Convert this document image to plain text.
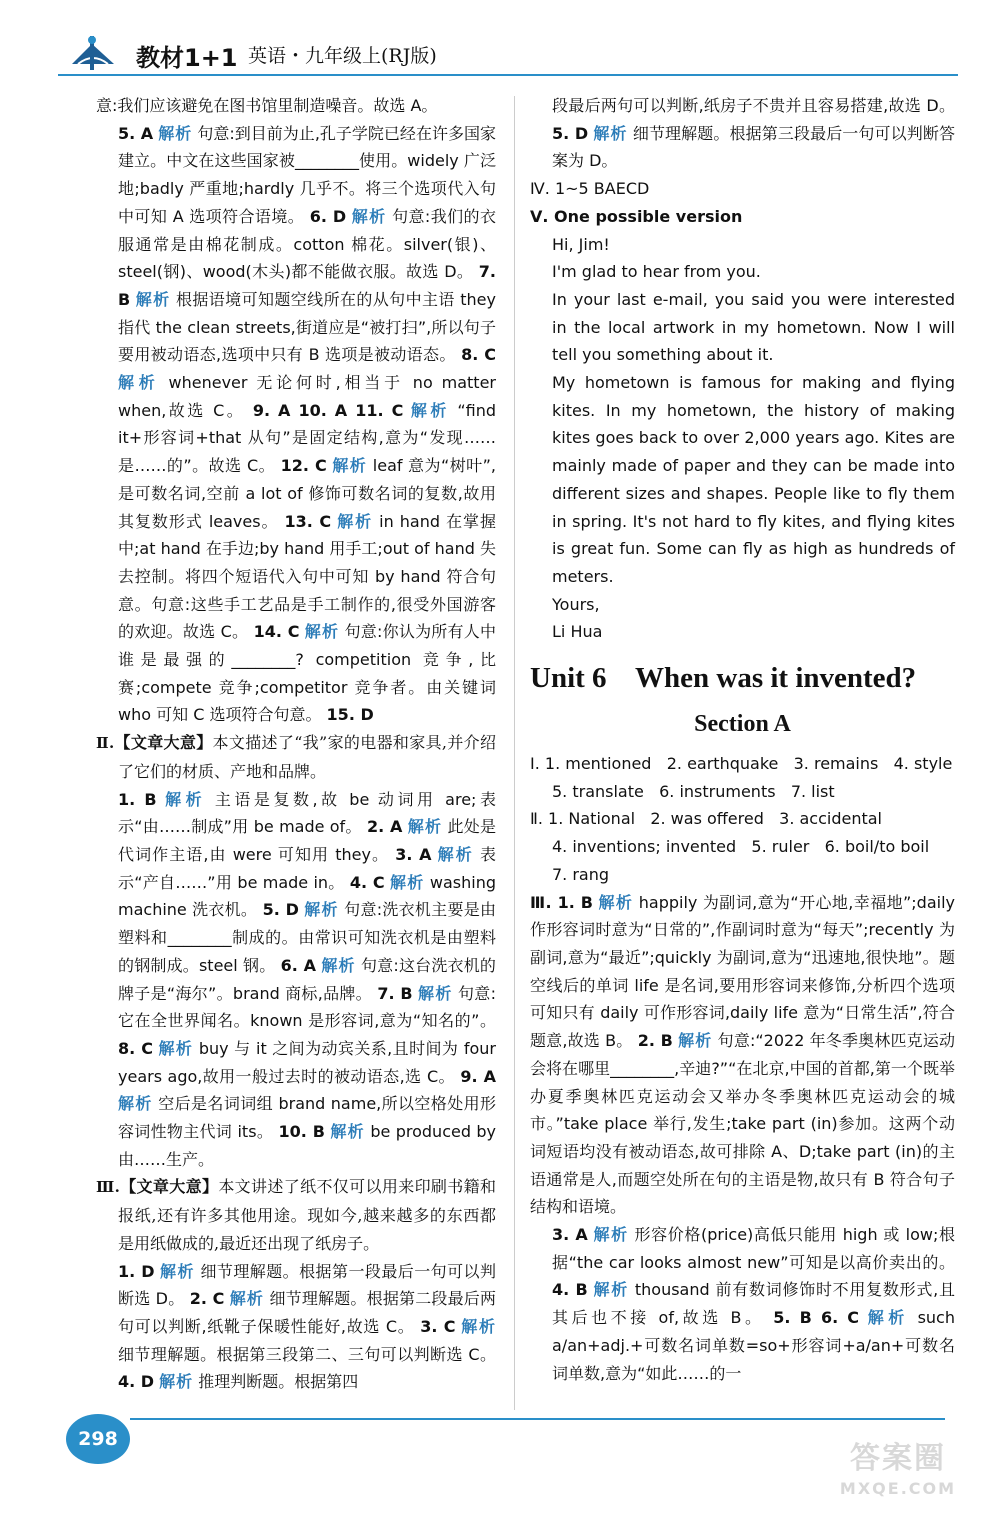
教材1+1 英语・九年级上(RJ版)

意:我们应该避免在图书馆里制造噪音。故选 A。

5. A 解析 句意:到目前为止,孔子学院已经在许多国家建立。中文在这些国家被________使用。widely 广泛地;badly 严重地;hardly 几乎不。将三个选项代入句中可知 A 选项符合语境。 6. D 解析 句意:我们的衣服通常是由棉花制成。cotton 棉花。silver(银)、steel(钢)、wood(木头)都不能做衣服。故选 D。 7. B 解析 根据语境可知题空线所在的从句中主语 they 指代 the clean streets,街道应是“被打扫”,所以句子要用被动语态,选项中只有 B 选项是被动语态。 8. C 解析 whenever 无论何时,相当于 no matter when,故选 C。 9. A 10. A 11. C 解析 “find it+形容词+that 从句”是固定结构,意为“发现……是……的”。故选 C。 12. C 解析 leaf 意为“树叶”,是可数名词,空前 a lot of 修饰可数名词的复数,故用其复数形式 leaves。 13. C 解析 in hand 在掌握中;at hand 在手边;by hand 用手工;out of hand 失去控制。将四个短语代入句中可知 by hand 符合句意。句意:这些手工艺品是手工制作的,很受外国游客的欢迎。故选 C。 14. C 解析 句意:你认为所有人中谁是最强的________? competition 竞争,比赛;compete 竞争;competitor 竞争者。由关键词 who 可知 C 选项符合句意。 15. D

Ⅱ.【文章大意】本文描述了“我”家的电器和家具,并介绍了它们的材质、产地和品牌。

1. B 解析 主语是复数,故 be 动词用 are;表示“由……制成”用 be made of。 2. A 解析 此处是代词作主语,由 were 可知用 they。 3. A 解析 表示“产自……”用 be made in。 4. C 解析 washing machine 洗衣机。 5. D 解析 句意:洗衣机主要是由塑料和________制成的。由常识可知洗衣机是由塑料的钢制成。steel 钢。 6. A 解析 句意:这台洗衣机的牌子是“海尔”。brand 商标,品牌。 7. B 解析 句意:它在全世界闻名。known 是形容词,意为“知名的”。 8. C 解析 buy 与 it 之间为动宾关系,且时间为 four years ago,故用一般过去时的被动语态,选 C。 9. A 解析 空后是名词词组 brand name,所以空格处用形容词性物主代词 its。 10. B 解析 be produced by 由……生产。

Ⅲ.【文章大意】本文讲述了纸不仅可以用来印刷书籍和报纸,还有许多其他用途。现如今,越来越多的东西都是用纸做成的,最近还出现了纸房子。

1. D 解析 细节理解题。根据第一段最后一句可以判断选 D。 2. C 解析 细节理解题。根据第二段最后两句可以判断,纸靴子保暖性能好,故选 C。 3. C 解析 细节理解题。根据第三段第二、三句可以判断选 C。 4. D 解析 推理判断题。根据第四

段最后两句可以判断,纸房子不贵并且容易搭建,故选 D。 5. D 解析 细节理解题。根据第三段最后一句可以判断答案为 D。

Ⅳ. 1~5 BAECD

Ⅴ. One possible version

Hi, Jim!

I'm glad to hear from you.

In your last e-mail, you said you were interested in the local artwork in my hometown. Now I will tell you something about it.

My hometown is famous for making and flying kites. In my hometown, the history of making kites goes back to over 2,000 years ago. Kites are mainly made of paper and they can be made into different sizes and shapes. People like to fly them in spring. It's not hard to fly kites, and flying kites is great fun. Some can fly as high as hundreds of meters.

Yours,

Li Hua

Unit 6    When was it invented?

Section A

Ⅰ. 1. mentioned   2. earthquake   3. remains   4. style

5. translate   6. instruments   7. list

Ⅱ. 1. National   2. was offered   3. accidental

4. inventions; invented   5. ruler   6. boil/to boil

7. rang

Ⅲ. 1. B 解析 happily 为副词,意为“开心地,幸福地”;daily 作形容词时意为“日常的”,作副词时意为“每天”;recently 为副词,意为“最近”;quickly 为副词,意为“迅速地,很快地”。题空线后的单词 life 是名词,要用形容词来修饰,分析四个选项可知只有 daily 可作形容词,daily life 意为“日常生活”,符合题意,故选 B。 2. B 解析 句意:“2022 年冬季奥林匹克运动会将在哪里________,辛迪?”“在北京,中国的首都,第一个既举办夏季奥林匹克运动会又举办冬季奥林匹克运动会的城市。”take place 举行,发生;take part (in)参加。这两个动词短语均没有被动语态,故可排除 A、D;take part (in)的主语通常是人,而题空处所在句的主语是物,故只有 B 符合句子结构和语境。

3. A 解析 形容价格(price)高低只能用 high 或 low;根据“the car looks almost new”可知是以高价卖出的。 4. B 解析 thousand 前有数词修饰时不用复数形式,且其后也不接 of,故选 B。 5. B 6. C 解析 such a/an+adj.+可数名词单数=so+形容词+a/an+可数名词单数,意为“如此……的一

298
答案圈
MXQE.COM
